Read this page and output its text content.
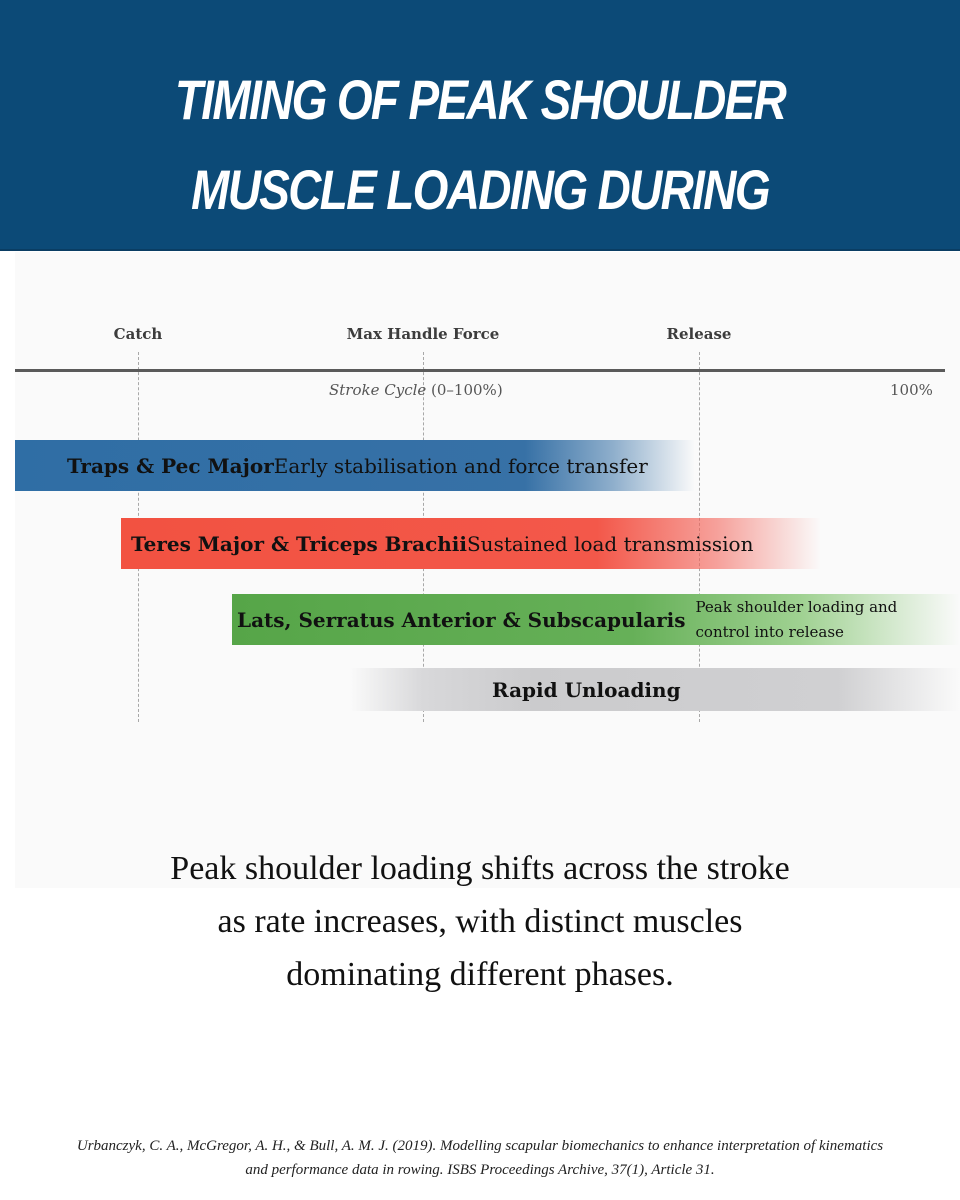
TIMING OF PEAK SHOULDER MUSCLE LOADING DURING
Catch	Max Handle Force	Release
Stroke Cycle (0–100%)	100%
Traps & Pec Major Early stabilisation and force transfer
Teres Major & Triceps Brachii Sustained load transmission
Lats, Serratus Anterior & Subscapularis
Peak shoulder loading and control into release
Rapid Unloading
Peak shoulder loading shifts across the stroke
as rate increases, with distinct muscles
dominating different phases.
Urbanczyk, C. A., McGregor, A. H., & Bull, A. M. J. (2019). Modelling scapular biomechanics to enhance interpretation of kinematics
and performance data in rowing. ISBS Proceedings Archive, 37(1), Article 31.
